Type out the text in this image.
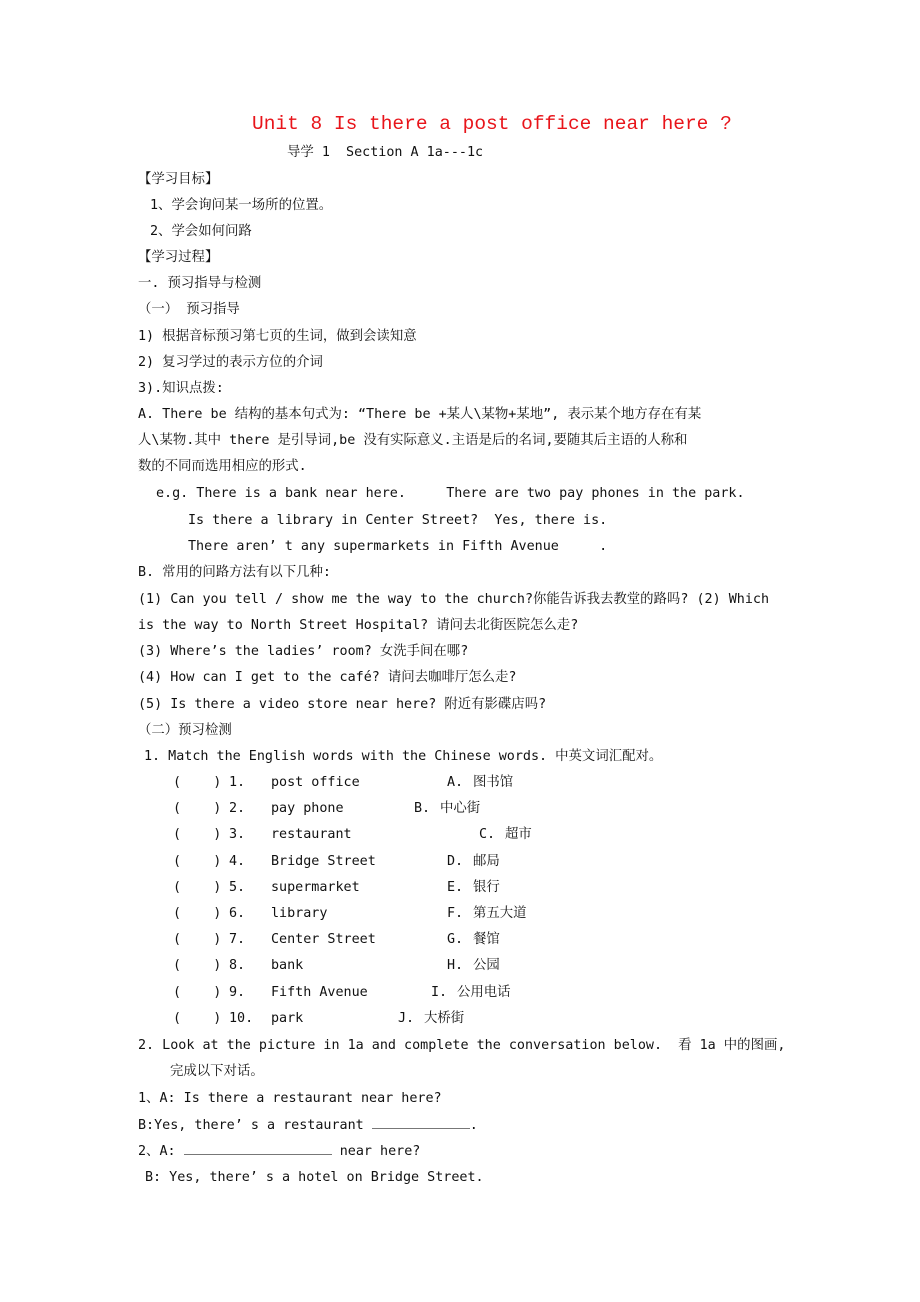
Unit 8 Is there a post office near here ?
导学 1  Section A 1a---1c
【学习目标】
1、学会询问某一场所的位置。
2、学会如何问路
【学习过程】
一. 预习指导与检测
（一） 预习指导
1) 根据音标预习第七页的生词，做到会读知意
2) 复习学过的表示方位的介词
3).知识点拨:
A. There be 结构的基本句式为: “There be +某人\某物+某地”, 表示某个地方存在有某
人\某物.其中 there 是引导词,be 没有实际意义.主语是后的名词,要随其后主语的人称和
数的不同而选用相应的形式.
e.g. There is a bank near here.     There are two pay phones in the park.
Is there a library in Center Street?  Yes, there is.
There aren’ t any supermarkets in Fifth Avenue     .
B. 常用的问路方法有以下几种:
(1) Can you tell / show me the way to the church?你能告诉我去教堂的路吗? (2) Which
is the way to North Street Hospital? 请问去北街医院怎么走?
(3) Where’s the ladies’ room? 女洗手间在哪?
(4) How can I get to the café? 请问去咖啡厅怎么走?
(5) Is there a video store near here? 附近有影碟店吗?
（二）预习检测
1. Match the English words with the Chinese words. 中英文词汇配对。
(    ) 1.	post office	A. 图书馆
(    ) 2.	pay phone	B. 中心街
(    ) 3.	restaurant	C. 超市
(    ) 4.	Bridge Street	D. 邮局
(    ) 5.	supermarket	E. 银行
(    ) 6.	library	F. 第五大道
(    ) 7.	Center Street	G. 餐馆
(    ) 8.	bank	H. 公园
(    ) 9.	Fifth Avenue	I. 公用电话
(    ) 10.	park	J. 大桥街
2. Look at the picture in 1a and complete the conversation below.  看 1a 中的图画,
完成以下对话。
1、A: Is there a restaurant near here?
B:Yes, there’ s a restaurant	.
2、A:	near here?
B: Yes, there’ s a hotel on Bridge Street.
